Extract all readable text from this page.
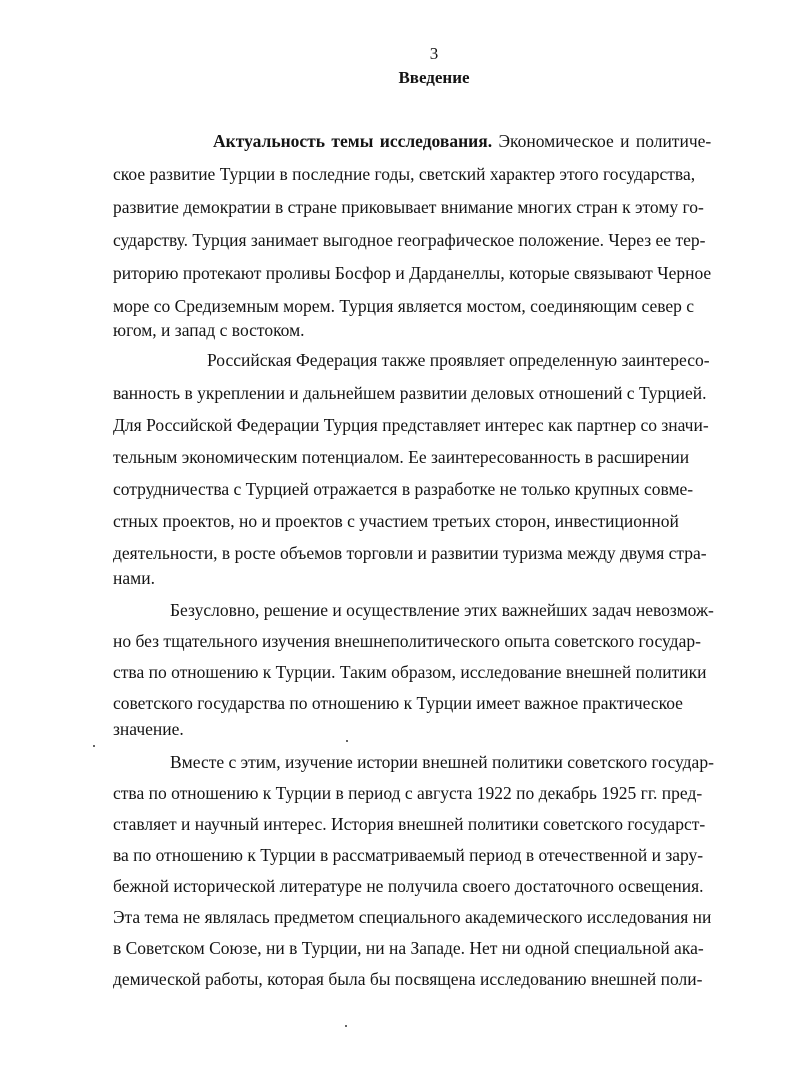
3
Введение
Актуальность темы исследования. Экономическое и политиче-
ское развитие Турции в последние годы, светский характер этого государства,
развитие демократии в стране приковывает внимание многих стран к этому го-
сударству. Турция занимает выгодное географическое положение. Через ее тер-
риторию протекают проливы Босфор и Дарданеллы, которые связывают Черное
море со Средиземным морем. Турция является мостом, соединяющим север с
югом, и запад с востоком.
Российская Федерация также проявляет определенную заинтересо-
ванность в укреплении и дальнейшем развитии деловых отношений с Турцией.
Для Российской Федерации Турция представляет интерес как партнер со значи-
тельным экономическим потенциалом. Ее заинтересованность в расширении
сотрудничества с Турцией отражается в разработке не только крупных совме-
стных проектов, но и проектов с участием третьих сторон, инвестиционной
деятельности, в росте объемов торговли и развитии туризма между двумя стра-
нами.
Безусловно, решение и осуществление этих важнейших задач невозмож-
но без тщательного изучения внешнеполитического опыта советского государ-
ства по отношению к Турции. Таким образом, исследование внешней политики
советского государства по отношению к Турции имеет важное практическое
значение.
Вместе с этим, изучение истории внешней политики советского государ-
ства по отношению к Турции в период с августа 1922 по декабрь 1925 гг. пред-
ставляет и научный интерес. История внешней политики советского государст-
ва по отношению к Турции в рассматриваемый период в отечественной и зару-
бежной исторической литературе не получила своего достаточного освещения.
Эта тема не являлась предметом специального академического исследования ни
в Советском Союзе, ни в Турции, ни на Западе. Нет ни одной специальной ака-
демической работы, которая была бы посвящена исследованию внешней поли-
